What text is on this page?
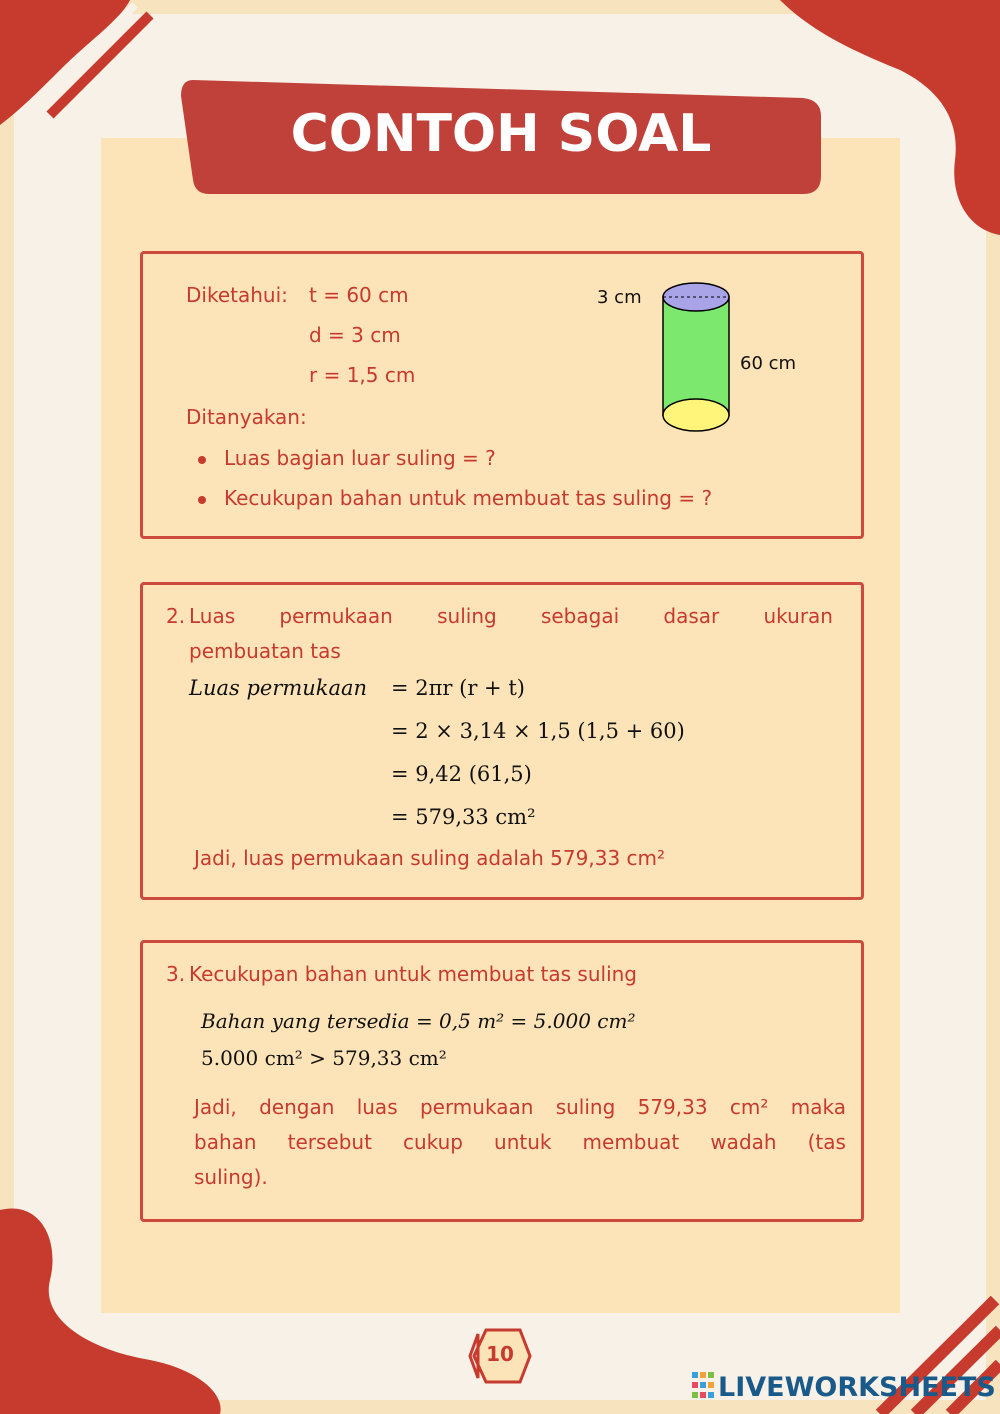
CONTOH SOAL
Diketahui: t = 60 cm
d = 3 cm
r = 1,5 cm
Ditanyakan:
Luas bagian luar suling = ?
Kecukupan bahan untuk membuat tas suling = ?
3 cm
60 cm
2. Luas permukaan suling sebagai dasar ukuran
pembuatan tas
Luas permukaan = 2πr (r + t)
= 2 × 3,14 × 1,5 (1,5 + 60)
= 9,42 (61,5)
= 579,33 cm²
Jadi, luas permukaan suling adalah 579,33 cm²
3. Kecukupan bahan untuk membuat tas suling
Bahan yang tersedia = 0,5 m² = 5.000 cm²
5.000 cm² > 579,33 cm²
Jadi, dengan luas permukaan suling 579,33 cm² maka
bahan tersebut cukup untuk membuat wadah (tas
suling).
10
LIVEWORKSHEETS
